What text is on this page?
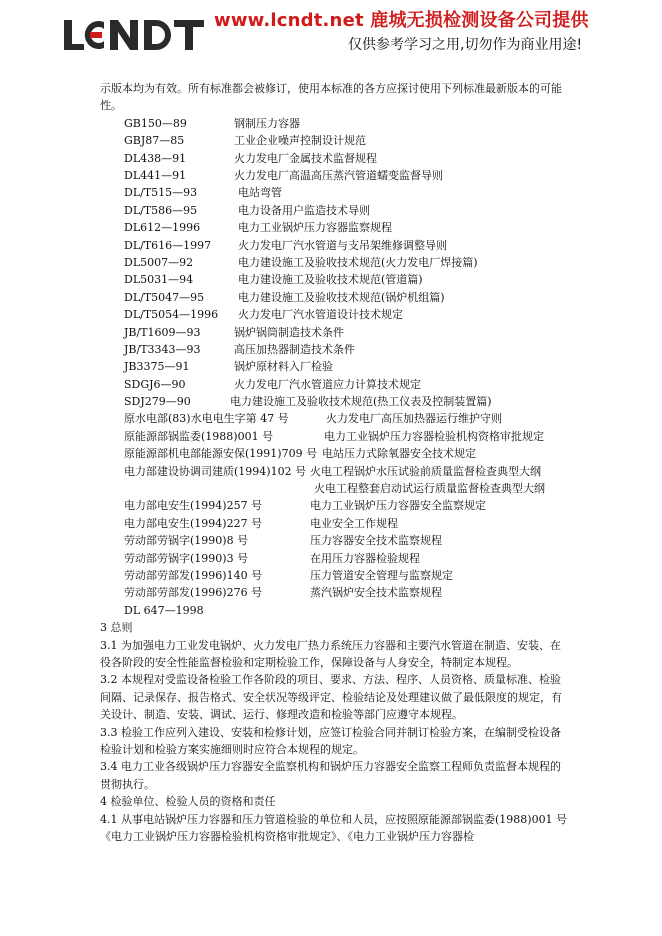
www.lcndt.net 鹿城无损检测设备公司提供
仅供参考学习之用,切勿作为商业用途!

示版本均为有效。所有标准都会被修订，使用本标准的各方应探讨使用下列标准最新版本的可能性。

GB150—89	钢制压力容器
GBJ87—85	工业企业噪声控制设计规范
DL438—91	火力发电厂金属技术监督规程
DL441—91	火力发电厂高温高压蒸汽管道蠕变监督导则
DL/T515—93	电站弯管
DL/T586—95	电力设备用户监造技术导则
DL612—1996	电力工业锅炉压力容器监察规程
DL/T616—1997 火力发电厂汽水管道与支吊架维修调整导则
DL5007—92	电力建设施工及验收技术规范(火力发电厂焊接篇)
DL5031—94	电力建设施工及验收技术规范(管道篇)
DL/T5047—95	电力建设施工及验收技术规范(锅炉机组篇)
DL/T5054—1996 火力发电厂汽水管道设计技术规定
JB/T1609—93	锅炉锅筒制造技术条件
JB/T3343—93	高压加热器制造技术条件
JB3375—91	锅炉原材料入厂检验
SDGJ6—90	火力发电厂汽水管道应力计算技术规定
SDJ279—90	电力建设施工及验收技术规范(热工仪表及控制装置篇)
原水电部(83)水电电生字第 47 号	火力发电厂高压加热器运行维护守则
原能源部锅监委(1988)001 号	电力工业锅炉压力容器检验机构资格审批规定
原能源部机电部能源安保(1991)709 号 电站压力式除氧器安全技术规定
电力部建设协调司建质(1994)102 号 火电工程锅炉水压试验前质量监督检查典型大纲
火电工程整套启动试运行质量监督检查典型大纲
电力部电安生(1994)257 号	电力工业锅炉压力容器安全监察规定
电力部电安生(1994)227 号	电业安全工作规程
劳动部劳锅字(1990)8 号	压力容器安全技术监察规程
劳动部劳锅字(1990)3 号	在用压力容器检验规程
劳动部劳部发(1996)140 号	压力管道安全管理与监察规定
劳动部劳部发(1996)276 号	蒸汽锅炉安全技术监察规程
DL 647—1998

3 总则

3.1 为加强电力工业发电锅炉、火力发电厂热力系统压力容器和主要汽水管道在制造、安装、在役各阶段的安全性能监督检验和定期检验工作，保障设备与人身安全，特制定本规程。

3.2 本规程对受监设备检验工作各阶段的项目、要求、方法、程序、人员资格、质量标准、检验间隔、记录保存、报告格式、安全状况等级评定、检验结论及处理建议做了最低限度的规定，有关设计、制造、安装、调试、运行、修理改造和检验等部门应遵守本规程。

3.3 检验工作应列入建设、安装和检修计划，应签订检验合同并制订检验方案，在编制受检设备检验计划和检验方案实施细则时应符合本规程的规定。

3.4 电力工业各级锅炉压力容器安全监察机构和锅炉压力容器安全监察工程师负责监督本规程的贯彻执行。

4 检验单位、检验人员的资格和责任

4.1 从事电站锅炉压力容器和压力管道检验的单位和人员，应按照原能源部锅监委(1988)001 号《电力工业锅炉压力容器检验机构资格审批规定》、《电力工业锅炉压力容器检
